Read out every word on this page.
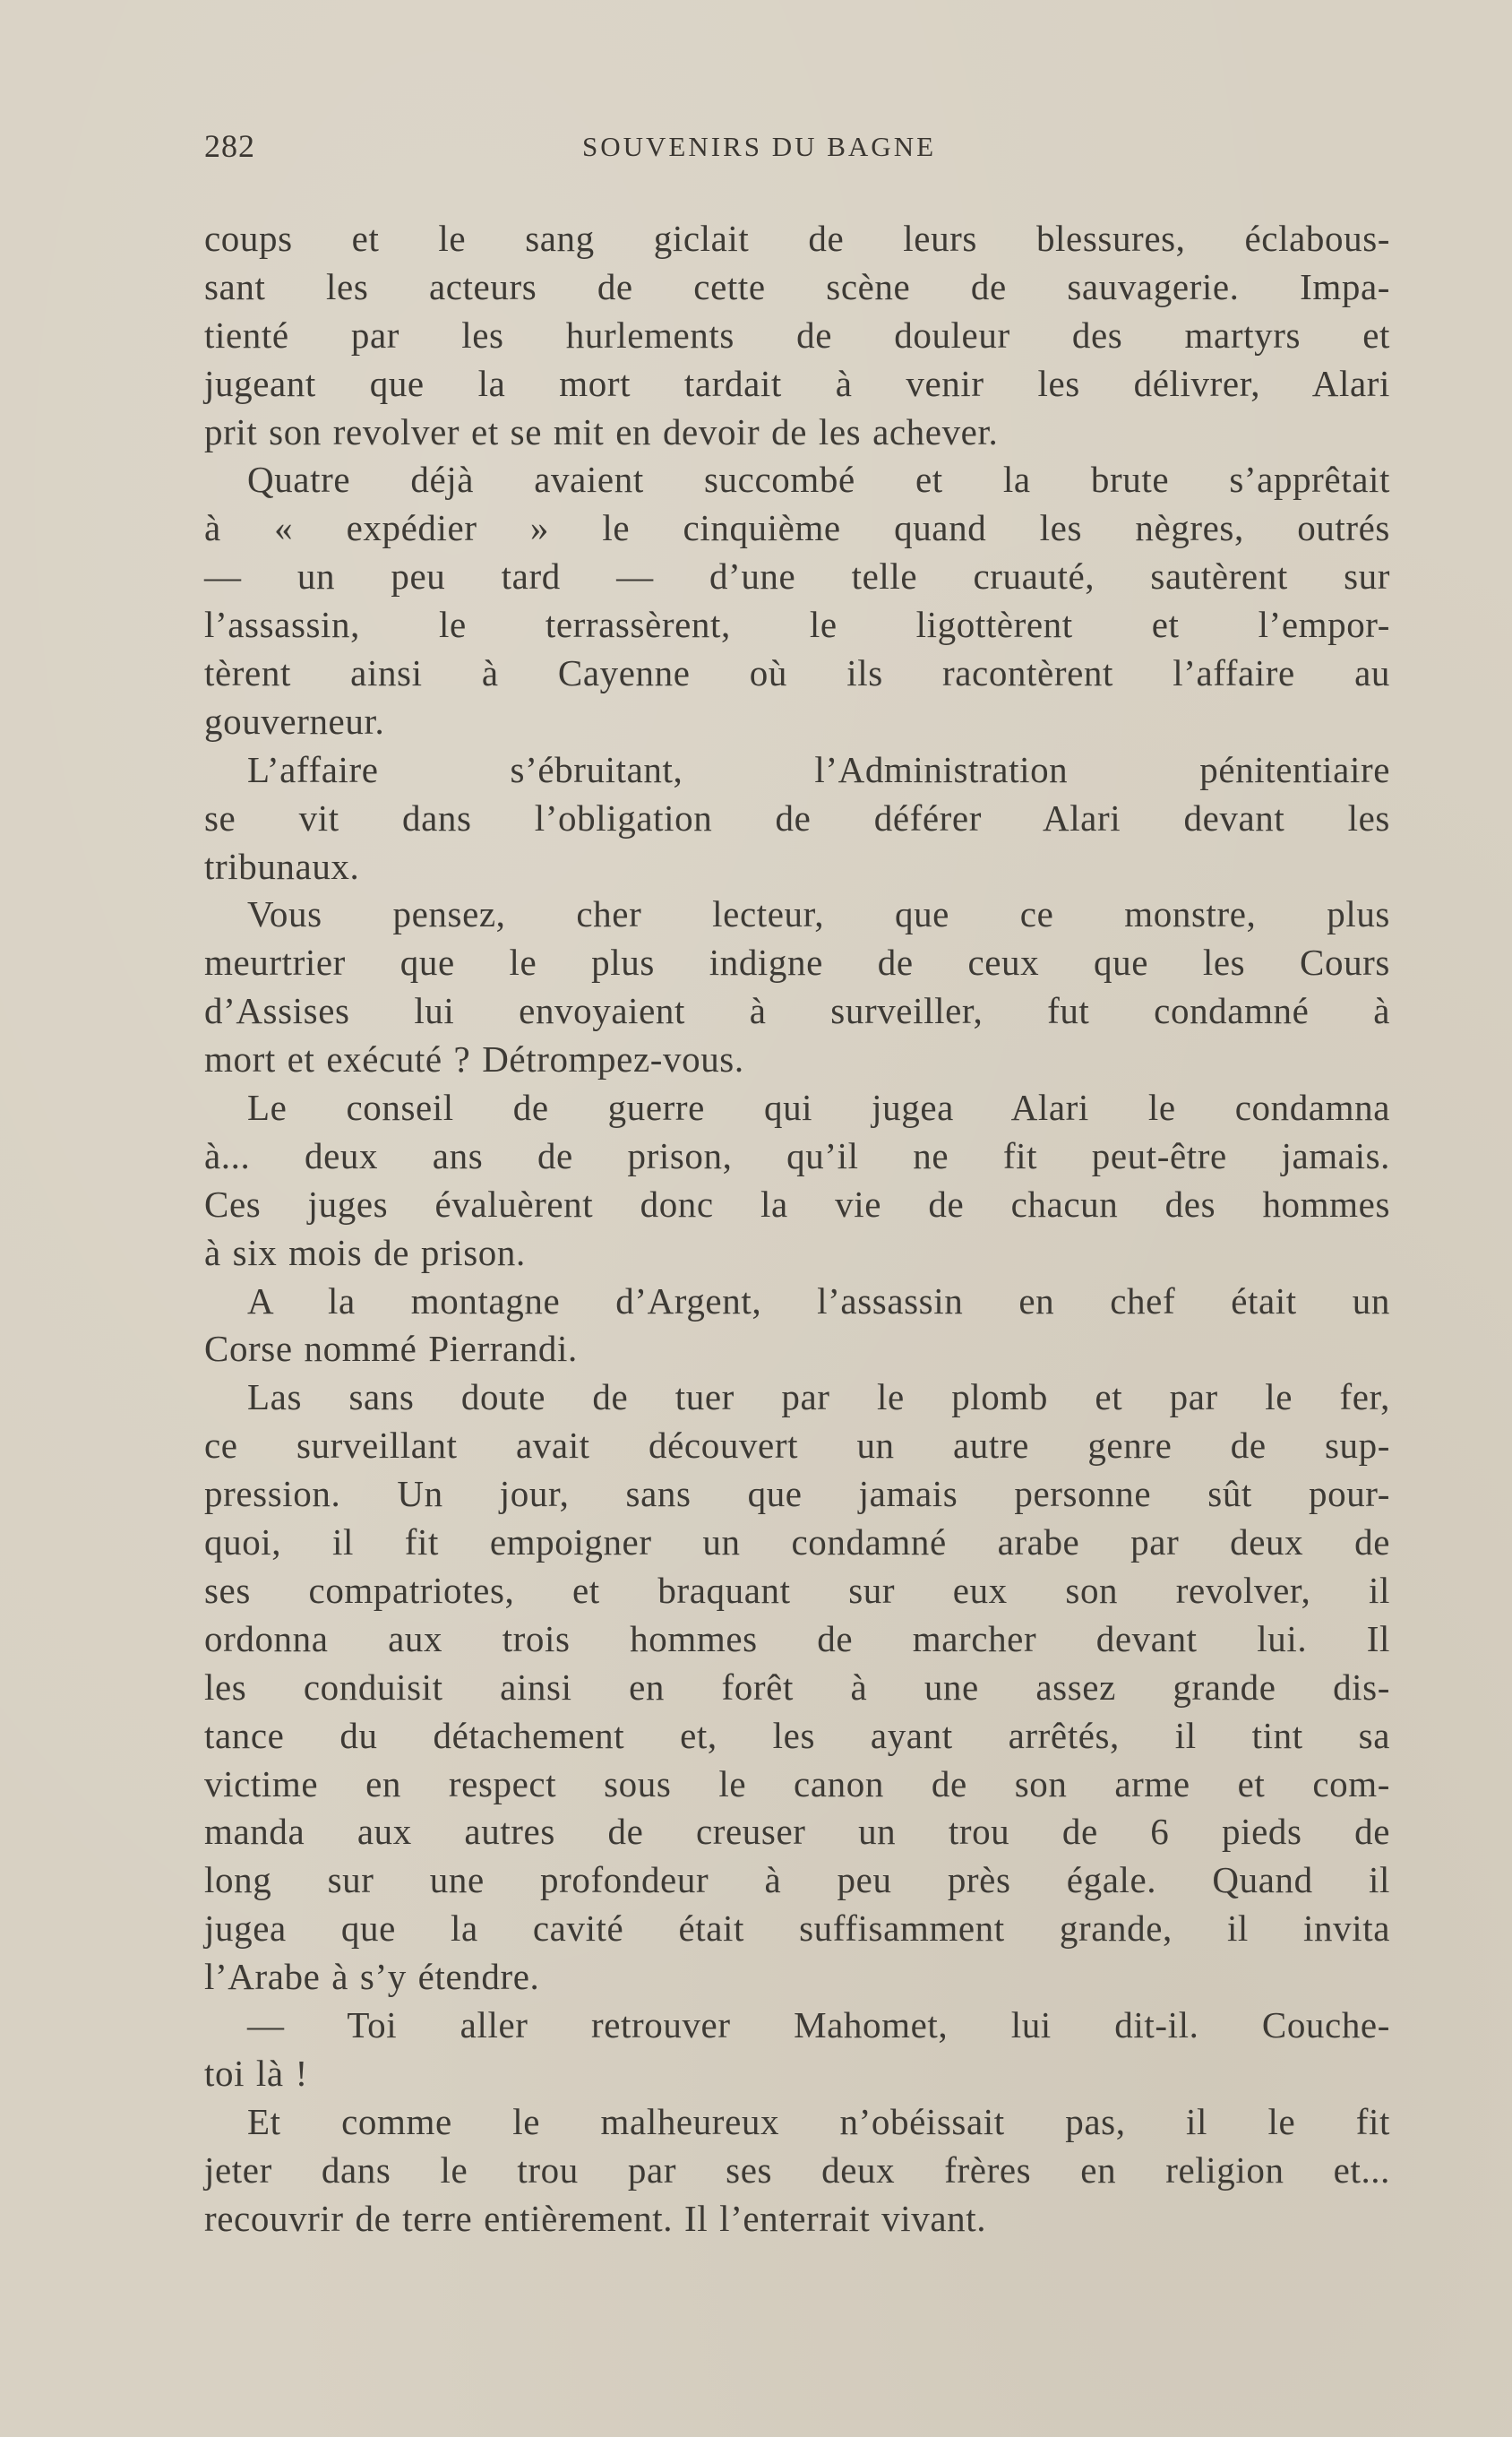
282	SOUVENIRS DU BAGNE
coups et le sang giclait de leurs blessures, éclabous-
sant les acteurs de cette scène de sauvagerie. Impa-
tienté par les hurlements de douleur des martyrs et
jugeant que la mort tardait à venir les délivrer, Alari
prit son revolver et se mit en devoir de les achever.
Quatre déjà avaient succombé et la brute s’apprêtait
à « expédier » le cinquième quand les nègres, outrés
— un peu tard — d’une telle cruauté, sautèrent sur
l’assassin, le terrassèrent, le ligottèrent et l’empor-
tèrent ainsi à Cayenne où ils racontèrent l’affaire au
gouverneur.
L’affaire s’ébruitant, l’Administration pénitentiaire
se vit dans l’obligation de déférer Alari devant les
tribunaux.
Vous pensez, cher lecteur, que ce monstre, plus
meurtrier que le plus indigne de ceux que les Cours
d’Assises lui envoyaient à surveiller, fut condamné à
mort et exécuté ? Détrompez-vous.
Le conseil de guerre qui jugea Alari le condamna
à... deux ans de prison, qu’il ne fit peut-être jamais.
Ces juges évaluèrent donc la vie de chacun des hommes
à six mois de prison.
A la montagne d’Argent, l’assassin en chef était un
Corse nommé Pierrandi.
Las sans doute de tuer par le plomb et par le fer,
ce surveillant avait découvert un autre genre de sup-
pression. Un jour, sans que jamais personne sût pour-
quoi, il fit empoigner un condamné arabe par deux de
ses compatriotes, et braquant sur eux son revolver, il
ordonna aux trois hommes de marcher devant lui. Il
les conduisit ainsi en forêt à une assez grande dis-
tance du détachement et, les ayant arrêtés, il tint sa
victime en respect sous le canon de son arme et com-
manda aux autres de creuser un trou de 6 pieds de
long sur une profondeur à peu près égale. Quand il
jugea que la cavité était suffisamment grande, il invita
l’Arabe à s’y étendre.
— Toi aller retrouver Mahomet, lui dit-il. Couche-
toi là !
Et comme le malheureux n’obéissait pas, il le fit
jeter dans le trou par ses deux frères en religion et...
recouvrir de terre entièrement. Il l’enterrait vivant.
